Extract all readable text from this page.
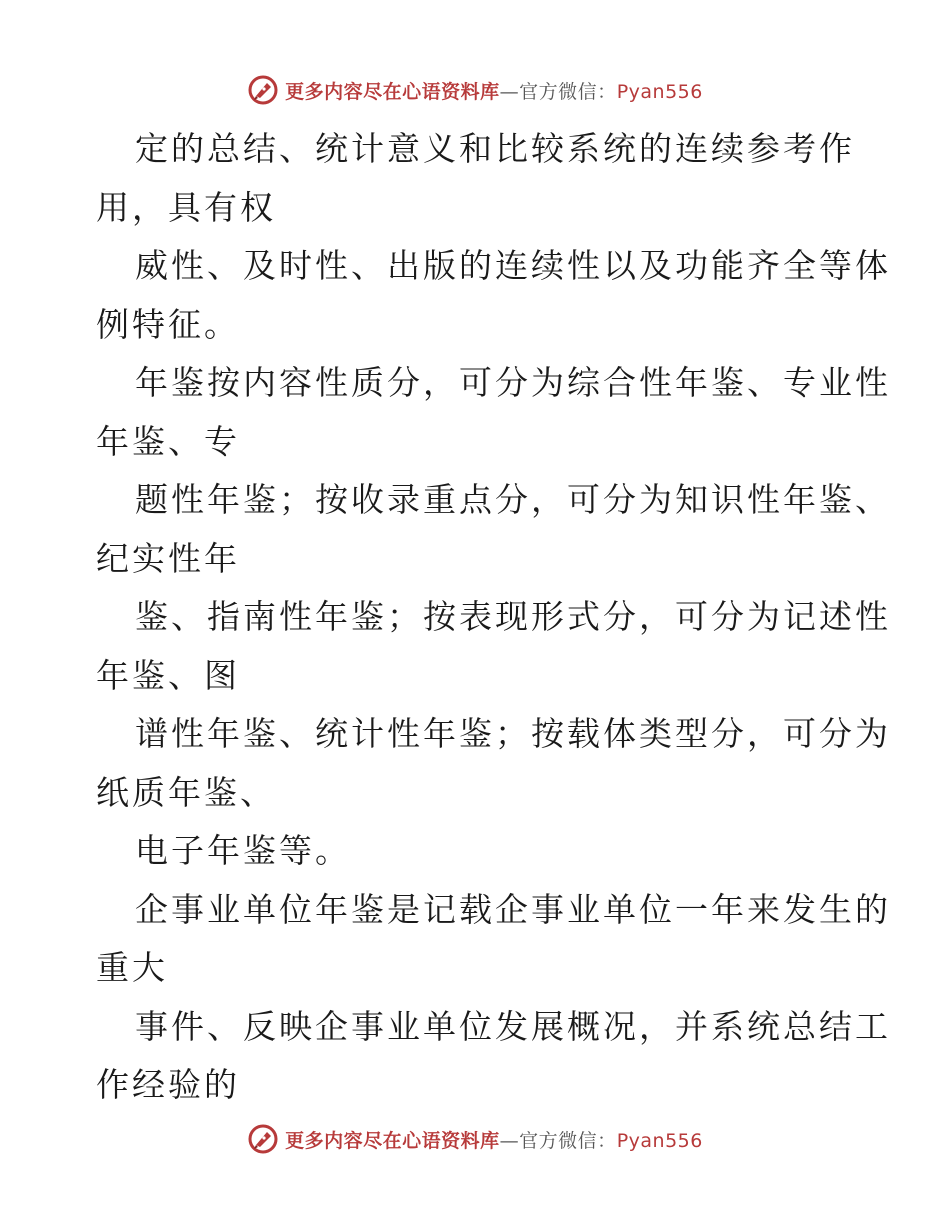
更多内容尽在心语资料库—官方微信：Pyan556
定的总结、统计意义和比较系统的连续参考作
用，具有权
威性、及时性、出版的连续性以及功能齐全等体
例特征。
年鉴按内容性质分，可分为综合性年鉴、专业性
年鉴、专
题性年鉴；按收录重点分，可分为知识性年鉴、
纪实性年
鉴、指南性年鉴；按表现形式分，可分为记述性
年鉴、图
谱性年鉴、统计性年鉴；按载体类型分，可分为
纸质年鉴、
电子年鉴等。
企事业单位年鉴是记载企事业单位一年来发生的
重大
事件、反映企事业单位发展概况，并系统总结工
作经验的
更多内容尽在心语资料库—官方微信：Pyan556
